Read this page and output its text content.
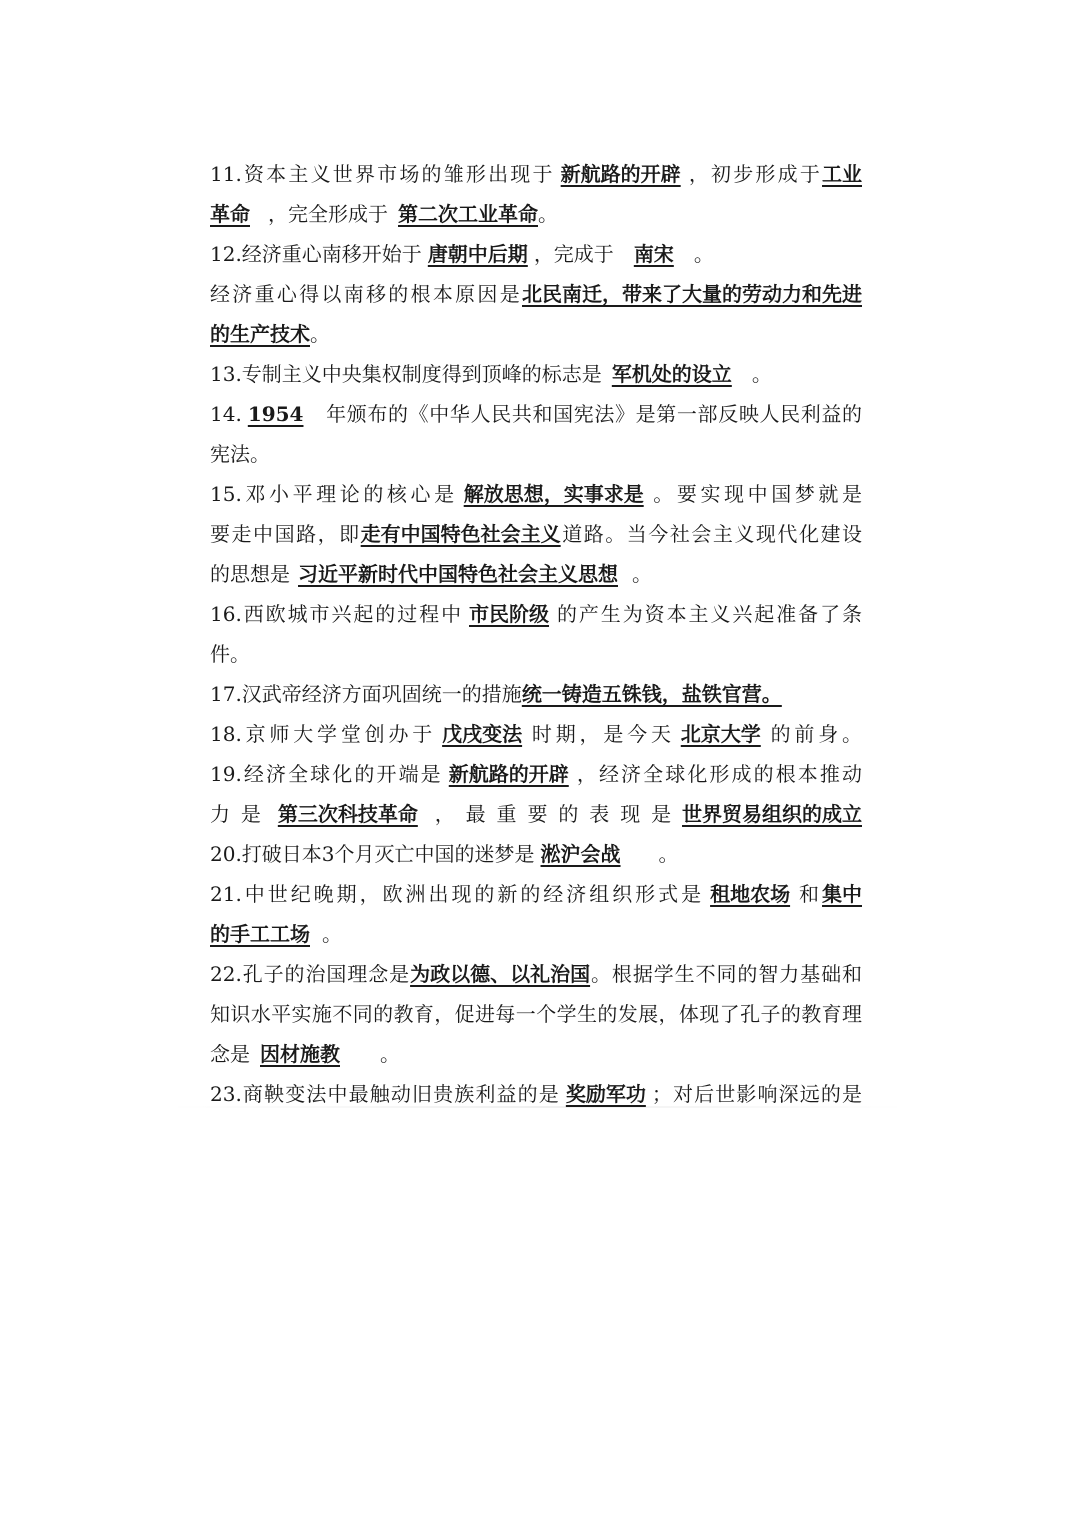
11.资本主义世界市场的雏形出现于 新航路的开辟 ，初步形成于工业
革命 ，完全形成于 第二次工业革命。
12.经济重心南移开始于 唐朝中后期 ，完成于 南宋 。
经济重心得以南移的根本原因是北民南迁，带来了大量的劳动力和先进
的生产技术。
13.专制主义中央集权制度得到顶峰的标志是 军机处的设立 。
14. 1954 年颁布的《中华人民共和国宪法》是第一部反映人民利益的
宪法。
15.邓小平理论的核心是 解放思想，实事求是 。要实现中国梦就是
要走中国路，即走有中国特色社会主义道路。当今社会主义现代化建设
的思想是 习近平新时代中国特色社会主义思想 。
16.西欧城市兴起的过程中 市民阶级 的产生为资本主义兴起准备了条
件。
17.汉武帝经济方面巩固统一的措施统一铸造五铢钱，盐铁官营。
18.京师大学堂创办于 戊戌变法 时期，是今天 北京大学 的前身。
19.经济全球化的开端是 新航路的开辟 ，经济全球化形成的根本推动
力是 第三次科技革命 ，最重要的表现是世界贸易组织的成立
20.打破日本3个月灭亡中国的迷梦是 淞沪会战 。
21.中世纪晚期，欧洲出现的新的经济组织形式是 租地农场 和集中
的手工工场 。
22.孔子的治国理念是为政以德、以礼治国。根据学生不同的智力基础和
知识水平实施不同的教育，促进每一个学生的发展，体现了孔子的教育理
念是 因材施教 。
23.商鞅变法中最触动旧贵族利益的是 奖励军功 ；对后世影响深远的是
